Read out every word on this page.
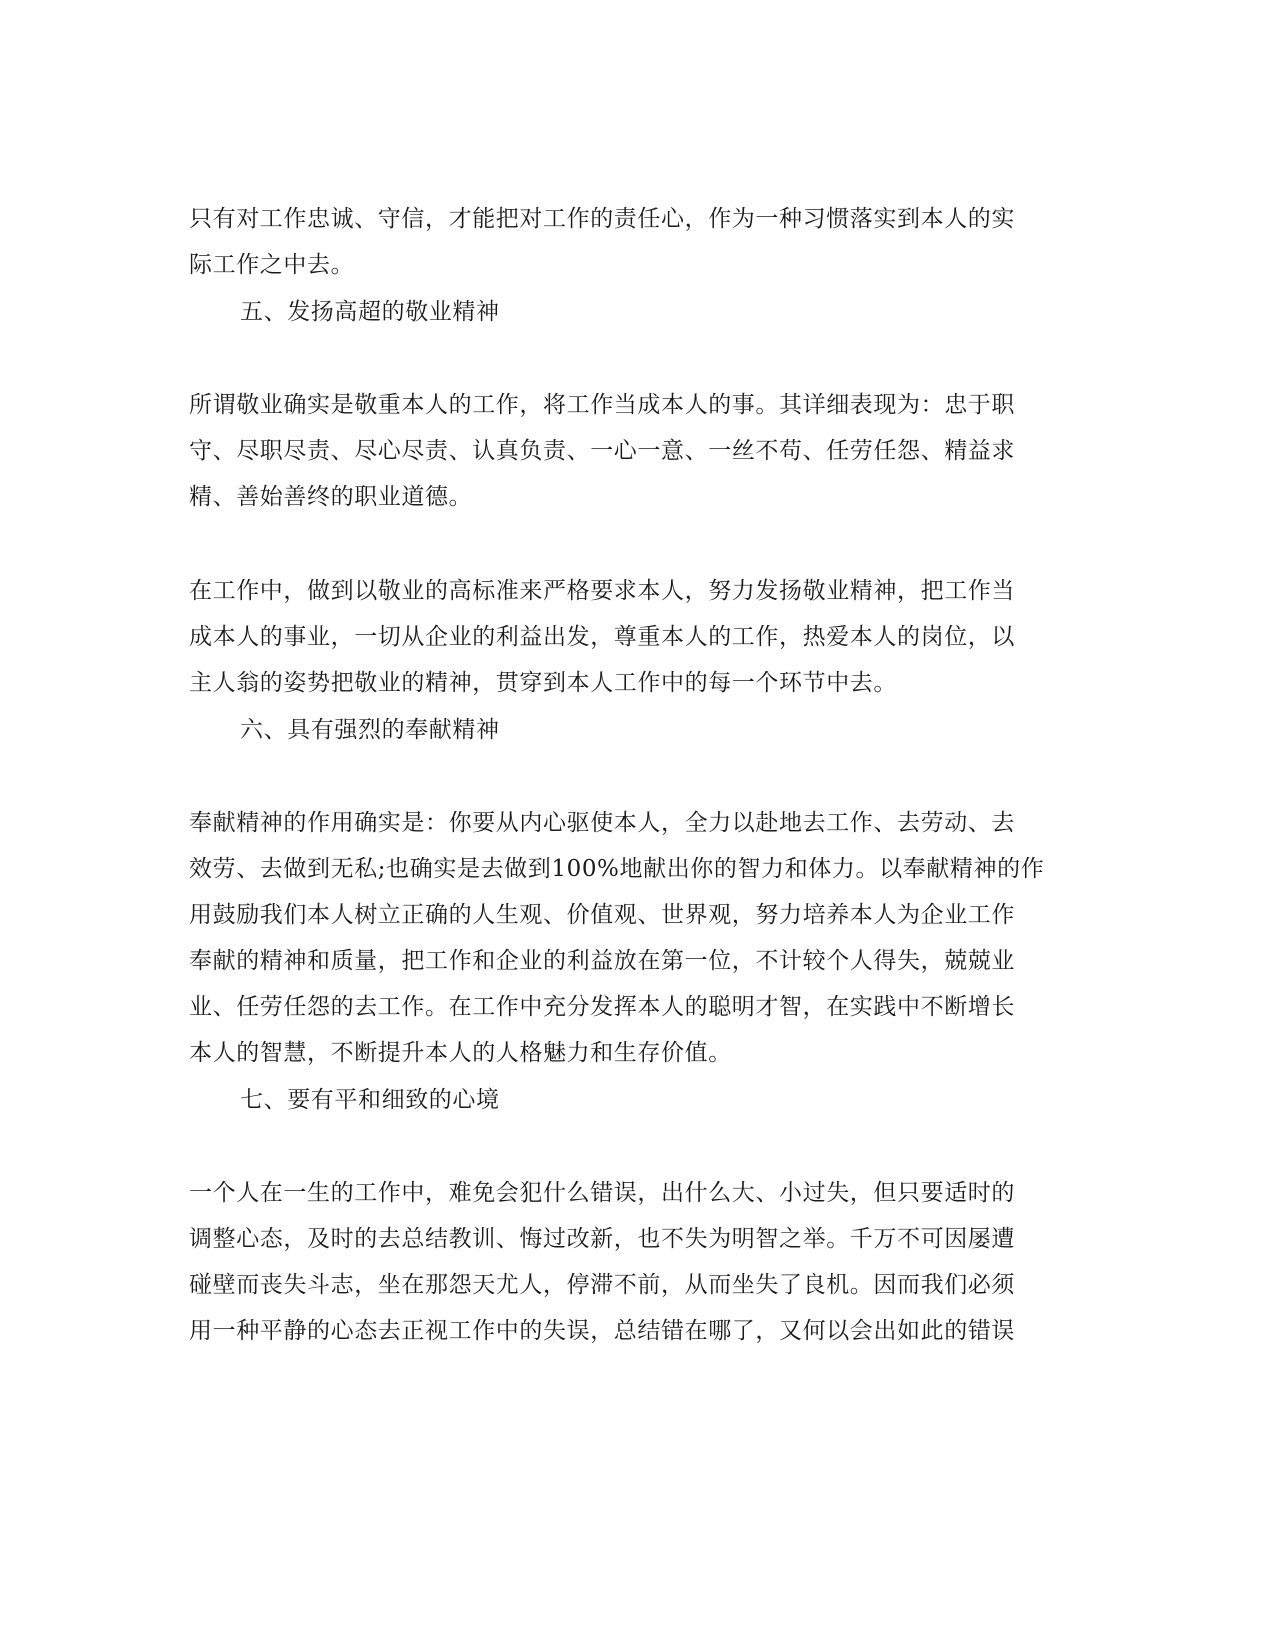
只有对工作忠诚、守信，才能把对工作的责任心，作为一种习惯落实到本人的实
际工作之中去。
五、发扬高超的敬业精神
所谓敬业确实是敬重本人的工作，将工作当成本人的事。其详细表现为：忠于职
守、尽职尽责、尽心尽责、认真负责、一心一意、一丝不苟、任劳任怨、精益求
精、善始善终的职业道德。
在工作中，做到以敬业的高标准来严格要求本人，努力发扬敬业精神，把工作当
成本人的事业，一切从企业的利益出发，尊重本人的工作，热爱本人的岗位，以
主人翁的姿势把敬业的精神，贯穿到本人工作中的每一个环节中去。
六、具有强烈的奉献精神
奉献精神的作用确实是：你要从内心驱使本人，全力以赴地去工作、去劳动、去
效劳、去做到无私;也确实是去做到100%地献出你的智力和体力。以奉献精神的作
用鼓励我们本人树立正确的人生观、价值观、世界观，努力培养本人为企业工作
奉献的精神和质量，把工作和企业的利益放在第一位，不计较个人得失，兢兢业
业、任劳任怨的去工作。在工作中充分发挥本人的聪明才智，在实践中不断增长
本人的智慧，不断提升本人的人格魅力和生存价值。
七、要有平和细致的心境
一个人在一生的工作中，难免会犯什么错误，出什么大、小过失，但只要适时的
调整心态，及时的去总结教训、悔过改新，也不失为明智之举。千万不可因屡遭
碰壁而丧失斗志，坐在那怨天尤人，停滞不前，从而坐失了良机。因而我们必须
用一种平静的心态去正视工作中的失误，总结错在哪了，又何以会出如此的错误
